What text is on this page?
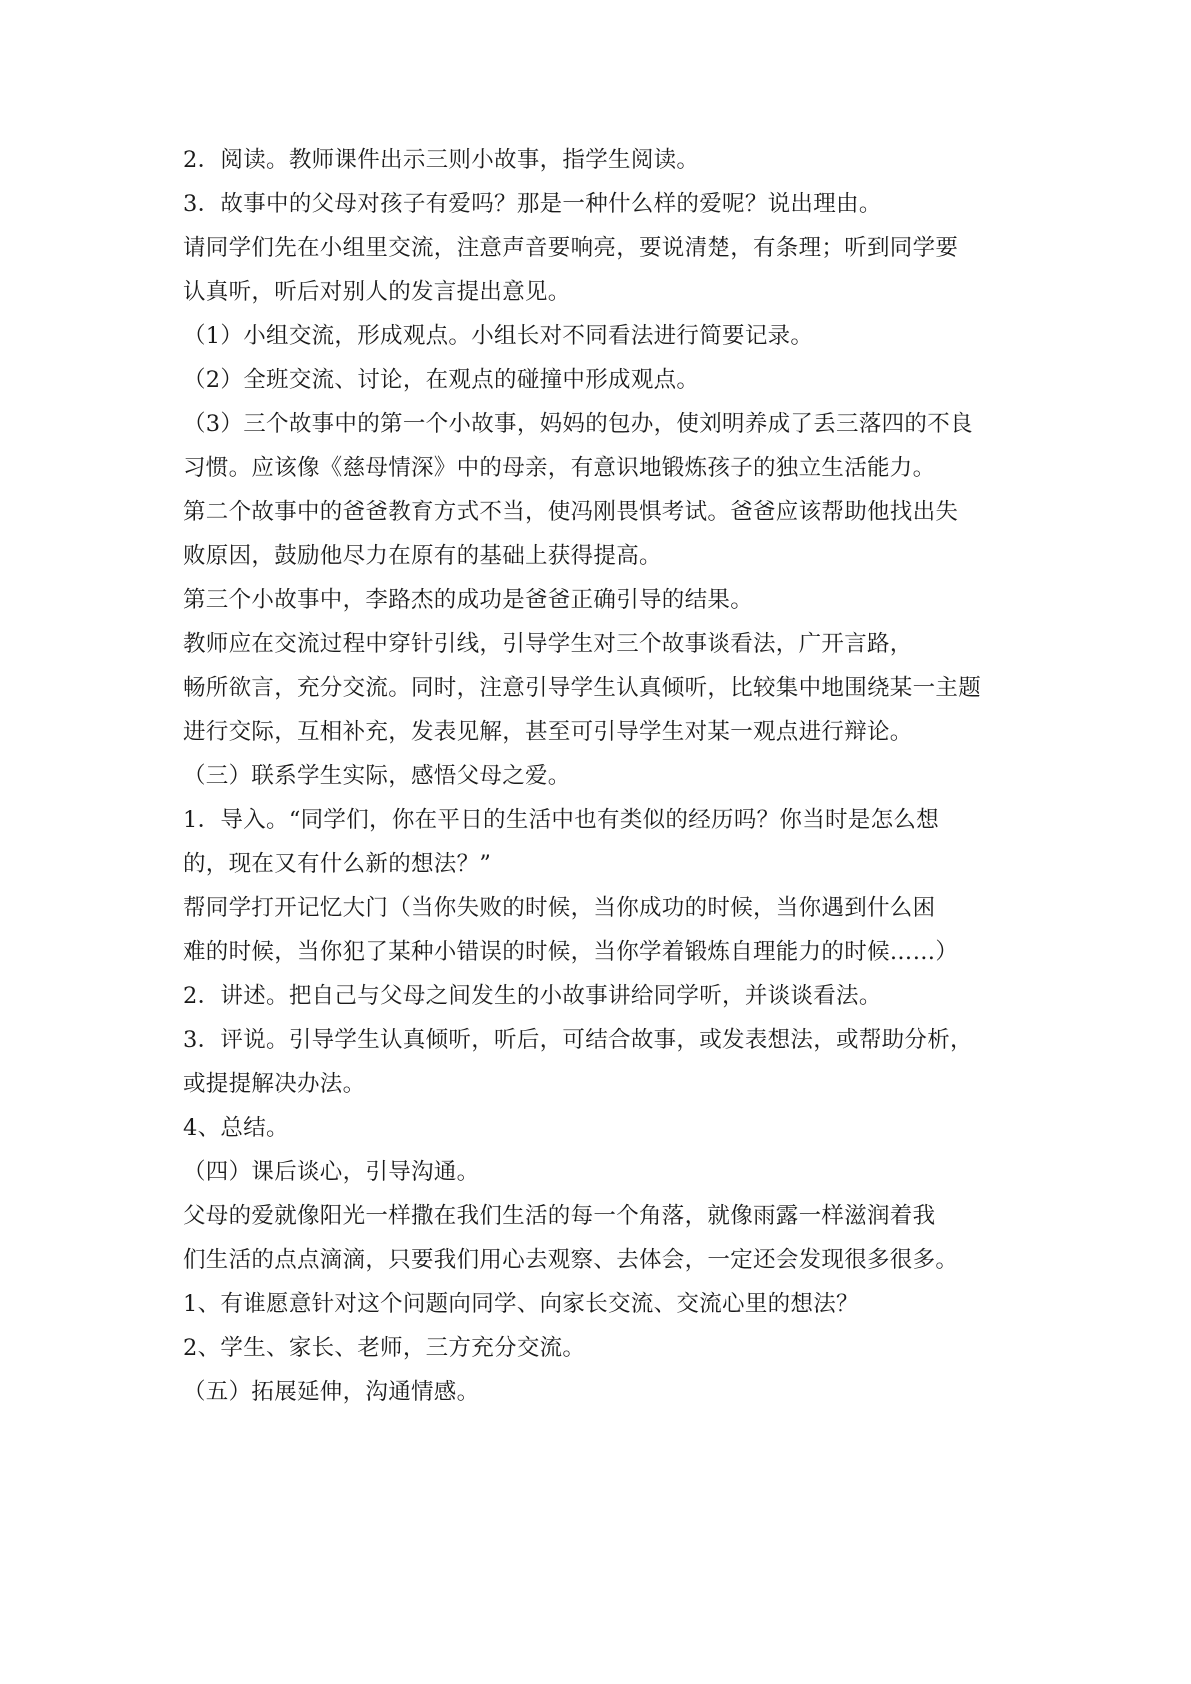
2．阅读。教师课件出示三则小故事，指学生阅读。
3．故事中的父母对孩子有爱吗？那是一种什么样的爱呢？说出理由。
请同学们先在小组里交流，注意声音要响亮，要说清楚，有条理；听到同学要
认真听，听后对别人的发言提出意见。
（1）小组交流，形成观点。小组长对不同看法进行简要记录。
（2）全班交流、讨论，在观点的碰撞中形成观点。
（3）三个故事中的第一个小故事，妈妈的包办，使刘明养成了丢三落四的不良
习惯。应该像《慈母情深》中的母亲，有意识地锻炼孩子的独立生活能力。
第二个故事中的爸爸教育方式不当，使冯刚畏惧考试。爸爸应该帮助他找出失
败原因，鼓励他尽力在原有的基础上获得提高。
第三个小故事中，李路杰的成功是爸爸正确引导的结果。
教师应在交流过程中穿针引线，引导学生对三个故事谈看法，广开言路，
畅所欲言，充分交流。同时，注意引导学生认真倾听，比较集中地围绕某一主题
进行交际，互相补充，发表见解，甚至可引导学生对某一观点进行辩论。
（三）联系学生实际，感悟父母之爱。
1．导入。“同学们，你在平日的生活中也有类似的经历吗？你当时是怎么想
的，现在又有什么新的想法？”
帮同学打开记忆大门（当你失败的时候，当你成功的时候，当你遇到什么困
难的时候，当你犯了某种小错误的时候，当你学着锻炼自理能力的时候……）
2．讲述。把自己与父母之间发生的小故事讲给同学听，并谈谈看法。
3．评说。引导学生认真倾听，听后，可结合故事，或发表想法，或帮助分析，
或提提解决办法。
4、总结。
（四）课后谈心，引导沟通。
父母的爱就像阳光一样撒在我们生活的每一个角落，就像雨露一样滋润着我
们生活的点点滴滴，只要我们用心去观察、去体会，一定还会发现很多很多。
1、有谁愿意针对这个问题向同学、向家长交流、交流心里的想法？
2、学生、家长、老师，三方充分交流。
（五）拓展延伸，沟通情感。
